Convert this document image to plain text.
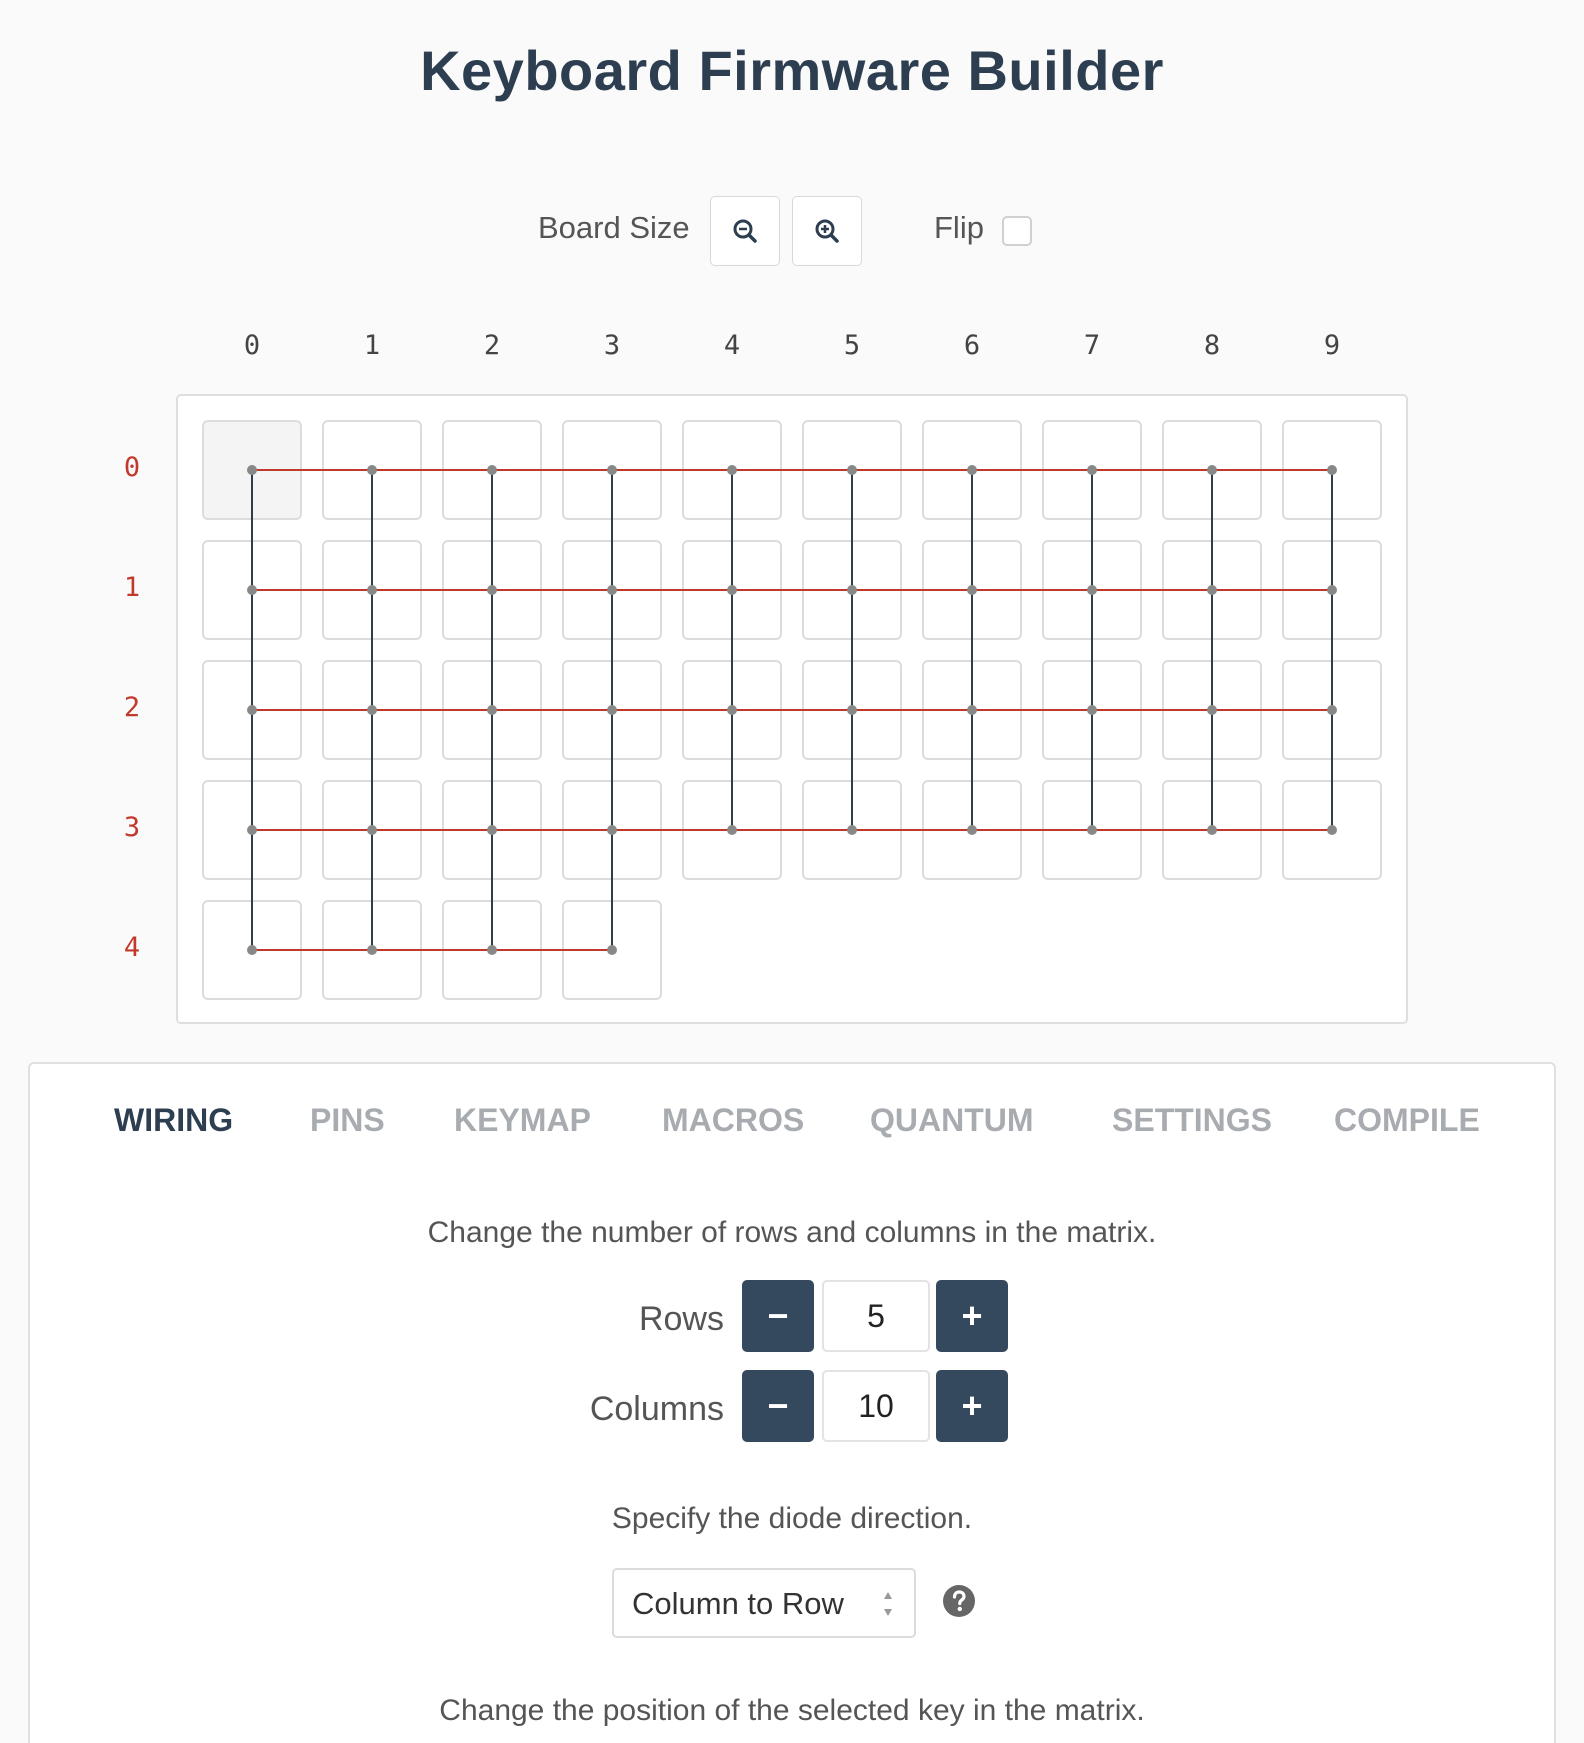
Keyboard Firmware Builder
Board Size	Flip
0	1	2	3	4	5	6	7	8	9
0
1
2
3
4
WIRING PINS KEYMAP MACROS QUANTUM SETTINGS COMPILE
Change the number of rows and columns in the matrix.
Rows	−
5	+
Columns	−
10	+
Specify the diode direction.
Column to Row
Change the position of the selected key in the matrix.
